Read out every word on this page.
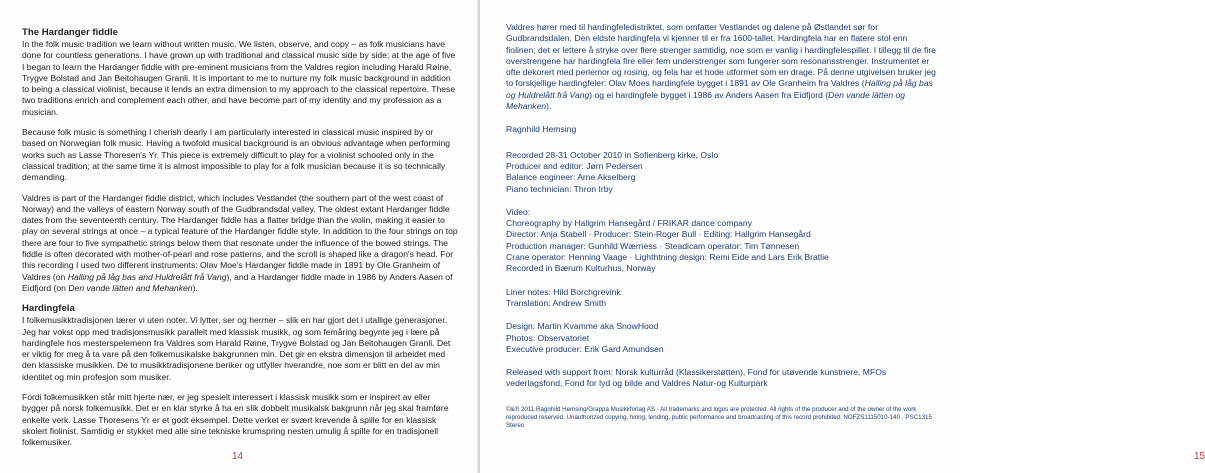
The Hardanger fiddle

In the folk music tradition we learn without written music. We listen, observe, and copy – as folk musicians have done for countless generations. I have grown up with traditional and classical music side by side; at the age of five I began to learn the Hardanger fiddle with pre-eminent musicians from the Valdres region including Harald Røine, Trygve Bolstad and Jan Beitohaugen Granli. It is important to me to nurture my folk music background in addition to being a classical violinist, because it lends an extra dimension to my approach to the classical repertoire. These two traditions enrich and complement each other, and have become part of my identity and my profession as a musician.

Because folk music is something I cherish dearly I am particularly interested in classical music inspired by or based on Norwegian folk music. Having a twofold musical background is an obvious advantage when performing works such as Lasse Thoresen's Yr. This piece is extremely difficult to play for a violinist schooled only in the classical tradition; at the same time it is almost impossible to play for a folk musician because it is so technically demanding.

Valdres is part of the Hardanger fiddle district, which includes Vestlandet (the southern part of the west coast of Norway) and the valleys of eastern Norway south of the Gudbrandsdal valley. The oldest extant Hardanger fiddle dates from the seventeenth century. The Hardanger fiddle has a flatter bridge than the violin, making it easier to play on several strings at once – a typical feature of the Hardanger fiddle style. In addition to the four strings on top there are four to five sympathetic strings below them that resonate under the influence of the bowed strings. The fiddle is often decorated with mother-of-pearl and rose patterns, and the scroll is shaped like a dragon's head. For this recording I used two different instruments: Olav Moe's Hardanger fiddle made in 1891 by Ole Granheim of Valdres (on Halling på låg bas and Huldrelått frå Vang), and a Hardanger fiddle made in 1986 by Anders Aasen of Eidfjord (on Den vande lätten and Mehanken).

Hardingfela

I folkemusikktradisjonen lærer vi uten noter. Vi lytter, ser og hermer – slik en har gjort det i utallige generasjoner. Jeg har vokst opp med tradisjonsmusikk parallelt med klassisk musikk, og som femåring begynte jeg i lære på hardingfele hos mesterspelemenn fra Valdres som Harald Røine, Trygve Bolstad og Jan Beitohaugen Granli. Det er viktig for meg å ta vare på den folkemusikalske bakgrunnen min. Det gir en ekstra dimensjon til arbeidet med den klassiske musikken. De to musikktradisjonene beriker og utfyller hverandre, noe som er blitt en del av min identitet og min profesjon som musiker.

Fordi folkemusikken står mitt hjerte nær, er jeg spesielt interessert i klassisk musikk som er inspirert av eller bygger på norsk folkemusikk. Det er en klar styrke å ha en slik dobbelt musikalsk bakgrunn når jeg skal framføre enkelte verk. Lasse Thoresens Yr er et godt eksempel. Dette verket er svært krevende å spille for en klassisk skolert fiolinist. Samtidig er stykket med alle sine tekniske krumspring nesten umulig å spille for en tradisjonell folkemusiker.

14

Valdres hører med til hardingfeledistriktet, som omfatter Vestlandet og dalene på Østlandet sør for Gudbrandsdalen. Den eldste hardingfela vi kjenner til er fra 1600-tallet. Hardingfela har en flatere stol enn fiolinen; det er lettere å stryke over flere strenger samtidig, noe som er vanlig i hardingfelespillet. I tillegg til de fire overstrengene har hardingfela fire eller fem understrenger som fungerer som resonansstrenger. Instrumentet er ofte dekorert med perlemor og rosing, og fela har et hode utformet som en drage. På denne utgivelsen bruker jeg to forskjellige hardingfeler: Olav Moes hardingfele bygget i 1891 av Ole Granheim fra Valdres (Halling på låg bas og Huldrelått frå Vang) og ei hardingfele bygget i 1986 av Anders Aasen fra Eidfjord (Den vande lätten og Mehanken).

Ragnhild Hemsing

Recorded 28-31 October 2010 in Sofienberg kirke, Oslo
Producer and editor: Jørn Pedersen
Balance engineer: Arne Akselberg
Piano technician: Thron Irby
Video:
Choreography by Hallgrim Hansegård / FRIKAR dance company
Director: Anja Stabell · Producer: Stein-Roger Bull · Editing: Hallgrim Hansegård
Production manager: Gunhild Wærness · Steadicam operator: Tim Tønnesen
Crane operator: Henning Vaage · Lighthtning design: Remi Eide and Lars Erik Bratlie
Recorded in Bærum Kulturhus, Norway
Liner notes: Hild Borchgrevink
Translation: Andrew Smith
Design: Martin Kvamme aka SnowHood
Photos: Observatoriet
Executive producer: Erik Gard Amundsen

Released with support from: Norsk kulturråd (Klassikerstøtten), Fond for utøvende kunstnere, MFOs vederlagsfond, Fond for lyd og bilde and Valdres Natur-og Kulturpark

©&℗ 2011 Ragnhild Hemsing/Grappa Musikkforlag AS · All trademarks and logos are protected. All rights of the producer and of the owner of the work reproduced reserved. Unauthorized copying, hiring, lending, public performance and broadcasting of this record prohibited. NOFZS1115010-140 · PSC1315 Stereo

15
